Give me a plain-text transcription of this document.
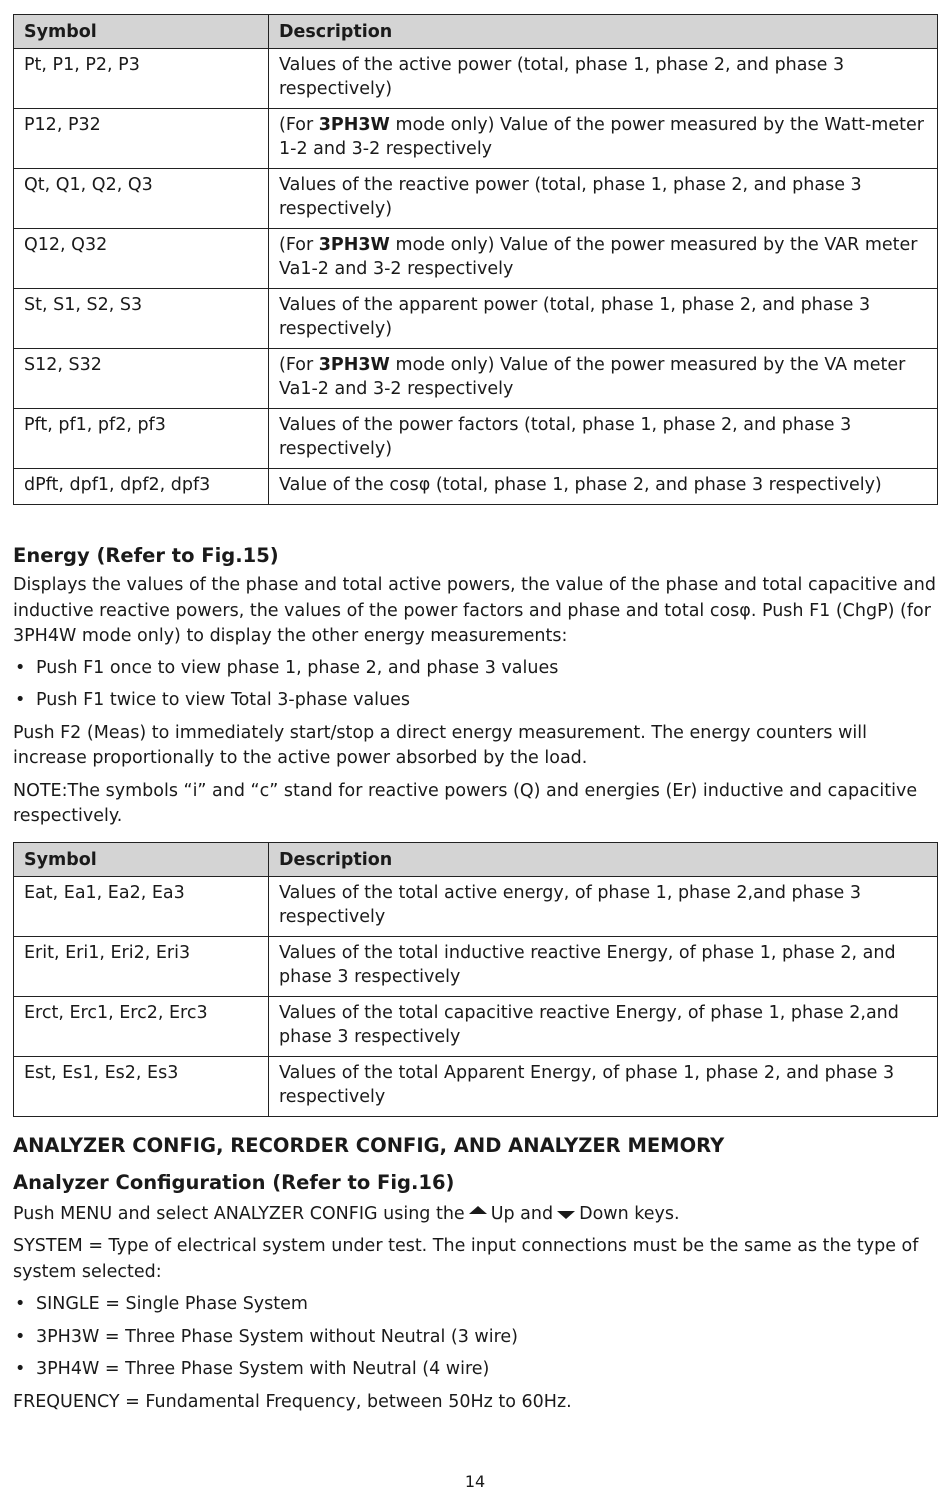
Symbol	Description
Pt, P1, P2, P3	Values of the active power (total, phase 1, phase 2, and phase 3 respectively)
P12, P32	(For 3PH3W mode only) Value of the power measured by the Watt-meter 1-2 and 3-2 respectively
Qt, Q1, Q2, Q3	Values of the reactive power (total, phase 1, phase 2, and phase 3 respectively)
Q12, Q32	(For 3PH3W mode only) Value of the power measured by the VAR meter Va1-2 and 3-2 respectively
St, S1, S2, S3	Values of the apparent power (total, phase 1, phase 2, and phase 3 respectively)
S12, S32	(For 3PH3W mode only) Value of the power measured by the VA meter Va1-2 and 3-2 respectively
Pft, pf1, pf2, pf3	Values of the power factors (total, phase 1, phase 2, and phase 3 respectively)
dPft, dpf1, dpf2, dpf3	Value of the cosφ (total, phase 1, phase 2, and phase 3 respectively)
Energy (Refer to Fig.15)

Displays the values of the phase and total active powers, the value of the phase and total capacitive and inductive reactive powers, the values of the power factors and phase and total cosφ. Push F1 (ChgP) (for 3PH4W mode only) to display the other energy measurements:

• Push F1 once to view phase 1, phase 2, and phase 3 values

• Push F1 twice to view Total 3-phase values

Push F2 (Meas) to immediately start/stop a direct energy measurement. The energy counters will increase proportionally to the active power absorbed by the load.

NOTE:The symbols “i” and “c” stand for reactive powers (Q) and energies (Er) inductive and capacitive respectively.

Symbol	Description
Eat, Ea1, Ea2, Ea3	Values of the total active energy, of phase 1, phase 2,and phase 3 respectively
Erit, Eri1, Eri2, Eri3	Values of the total inductive reactive Energy, of phase 1, phase 2, and phase 3 respectively
Erct, Erc1, Erc2, Erc3	Values of the total capacitive reactive Energy, of phase 1, phase 2,and phase 3 respectively
Est, Es1, Es2, Es3	Values of the total Apparent Energy, of phase 1, phase 2, and phase 3 respectively
ANALYZER CONFIG, RECORDER CONFIG, AND ANALYZER MEMORY
Analyzer Configuration (Refer to Fig.16)

Push MENU and select ANALYZER CONFIG using the Up and Down keys.

SYSTEM = Type of electrical system under test. The input connections must be the same as the type of system selected:

• SINGLE = Single Phase System

• 3PH3W = Three Phase System without Neutral (3 wire)

• 3PH4W = Three Phase System with Neutral (4 wire)

FREQUENCY = Fundamental Frequency, between 50Hz to 60Hz.

14
